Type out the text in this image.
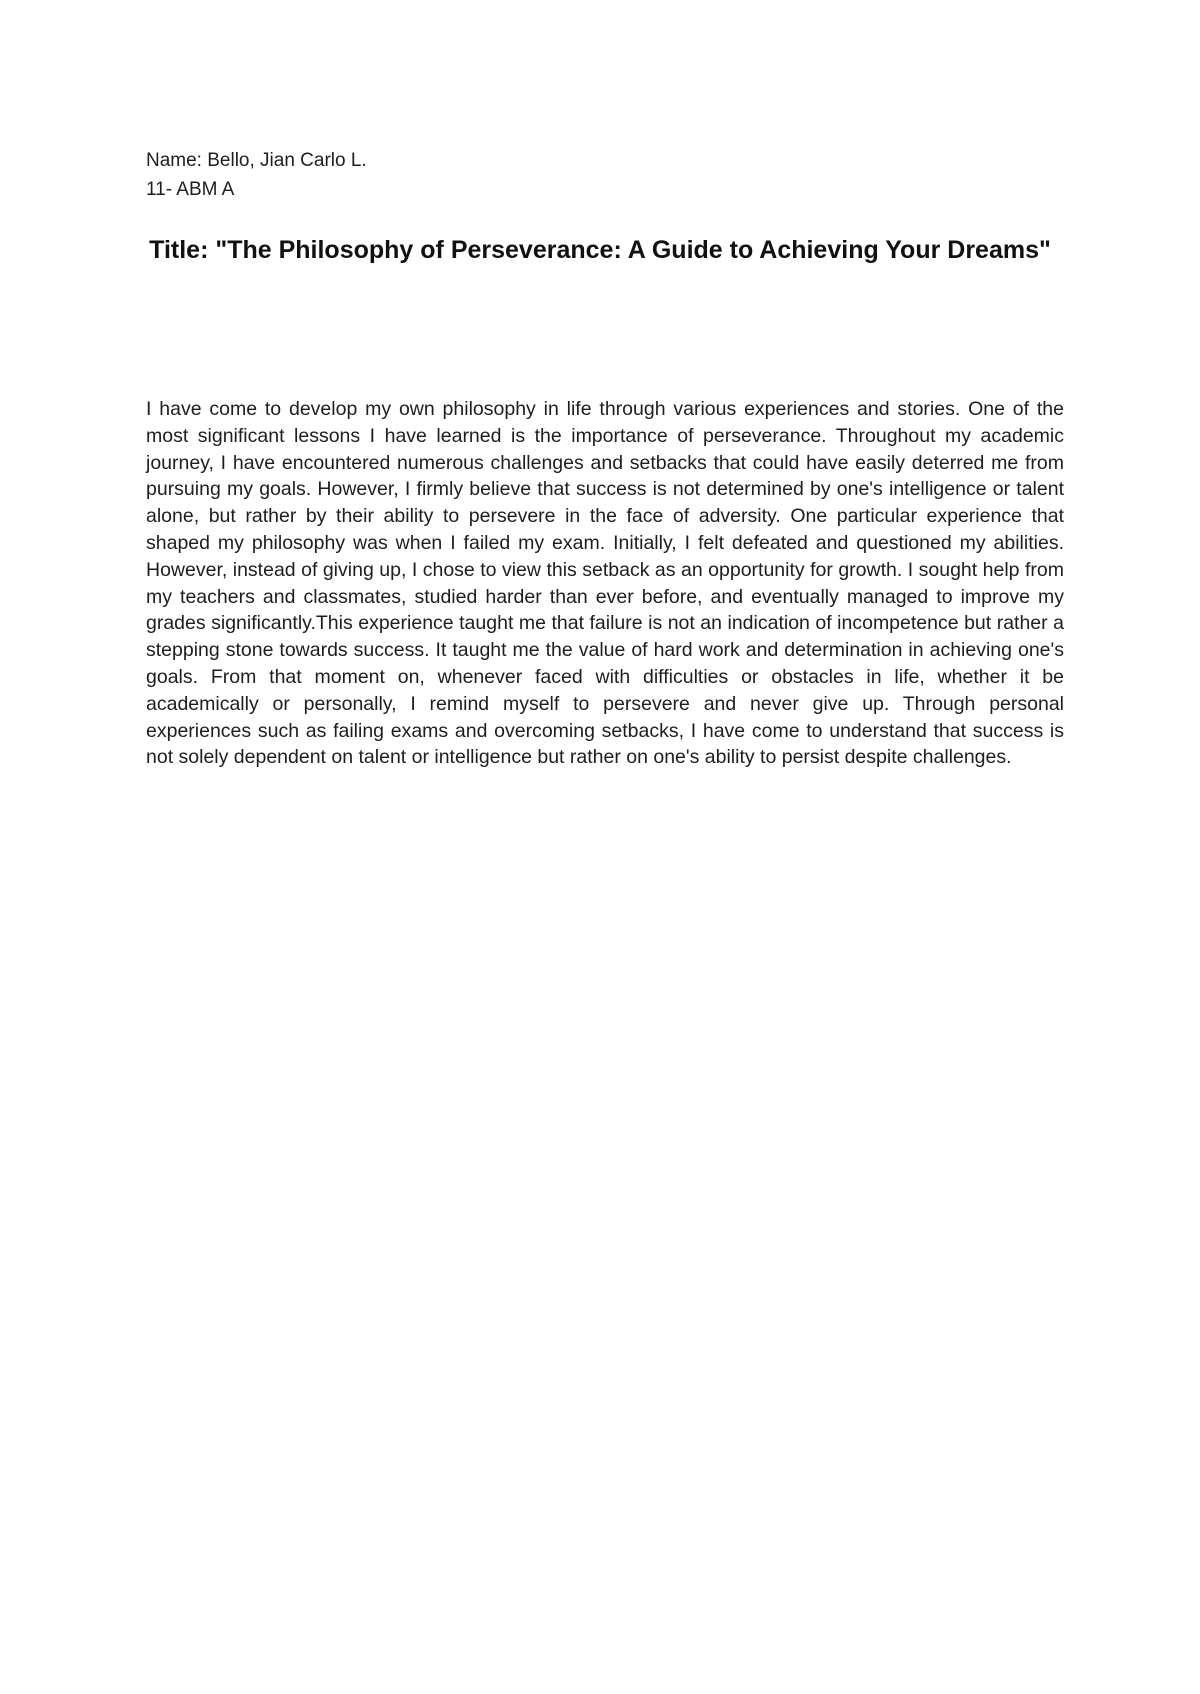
Name: Bello, Jian Carlo L.
11- ABM A
Title: "The Philosophy of Perseverance: A Guide to Achieving Your Dreams"

I have come to develop my own philosophy in life through various experiences and stories. One of the most significant lessons I have learned is the importance of perseverance. Throughout my academic journey, I have encountered numerous challenges and setbacks that could have easily deterred me from pursuing my goals. However, I firmly believe that success is not determined by one's intelligence or talent alone, but rather by their ability to persevere in the face of adversity. One particular experience that shaped my philosophy was when I failed my exam. Initially, I felt defeated and questioned my abilities. However, instead of giving up, I chose to view this setback as an opportunity for growth. I sought help from my teachers and classmates, studied harder than ever before, and eventually managed to improve my grades significantly.This experience taught me that failure is not an indication of incompetence but rather a stepping stone towards success. It taught me the value of hard work and determination in achieving one's goals. From that moment on, whenever faced with difficulties or obstacles in life, whether it be academically or personally, I remind myself to persevere and never give up. Through personal experiences such as failing exams and overcoming setbacks, I have come to understand that success is not solely dependent on talent or intelligence but rather on one's ability to persist despite challenges.
